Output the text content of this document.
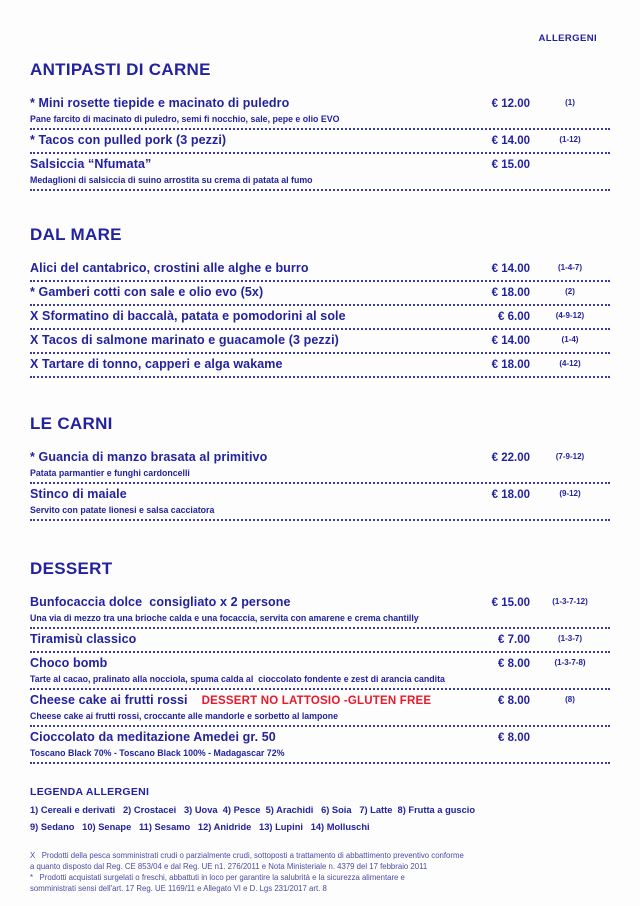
ALLERGENI
ANTIPASTI DI CARNE
* Mini rosette tiepide e macinato di puledro	€ 12.00	(1)
Pane farcito di macinato di puledro, semi fi nocchio, sale, pepe e olio EVO
* Tacos con pulled pork (3 pezzi)	€ 14.00	(1-12)
Salsiccia “Nfumata”	€ 15.00
Medaglioni di salsiccia di suino arrostita su crema di patata al fumo
DAL MARE
Alici del cantabrico, crostini alle alghe e burro	€ 14.00	(1-4-7)
* Gamberi cotti con sale e olio evo (5x)	€ 18.00	(2)
X Sformatino di baccalà, patata e pomodorini al sole	€ 6.00	(4-9-12)
X Tacos di salmone marinato e guacamole (3 pezzi)	€ 14.00	(1-4)
X Tartare di tonno, capperi e alga wakame	€ 18.00	(4-12)
LE CARNI
* Guancia di manzo brasata al primitivo	€ 22.00	(7-9-12)
Patata parmantier e funghi cardoncelli
Stinco di maiale	€ 18.00	(9-12)
Servito con patate lionesi e salsa cacciatora
DESSERT
Bunfocaccia dolce  consigliato x 2 persone	€ 15.00	(1-3-7-12)
Una via di mezzo tra una brioche calda e una focaccia, servita con amarene e crema chantilly
Tiramisù classico	€ 7.00	(1-3-7)
Choco bomb	€ 8.00	(1-3-7-8)
Tarte al cacao, pralinato alla nocciola, spuma calda al  cioccolato fondente e zest di arancia candita
Cheese cake ai frutti rossi DESSERT NO LATTOSIO -GLUTEN FREE	€ 8.00	(8)
Cheese cake ai frutti rossi, croccante alle mandorle e sorbetto al lampone
Cioccolato da meditazione Amedei gr. 50	€ 8.00
Toscano Black 70% - Toscano Black 100% - Madagascar 72%
LEGENDA ALLERGENI
1) Cereali e derivati   2) Crostacei   3) Uova  4) Pesce  5) Arachidi   6) Soia   7) Latte  8) Frutta a guscio
9) Sedano   10) Senape   11) Sesamo   12) Anidride   13) Lupini   14) Molluschi
X   Prodotti della pesca somministrati crudi o parzialmente crudi, sottoposti a trattamento di abbattimento preventivo conforme
a quanto disposto dal Reg. CE 853/04 e dal Reg. UE n1. 276/2011 e Nota Ministeriale n. 4379 del 17 febbraio 2011
*   Prodotti acquistati surgelati o freschi, abbattuti in loco per garantire la salubrità e la sicurezza alimentare e
somministrati sensi dell'art. 17 Reg. UE 1169/11 e Allegato VI e D. Lgs 231/2017 art. 8
